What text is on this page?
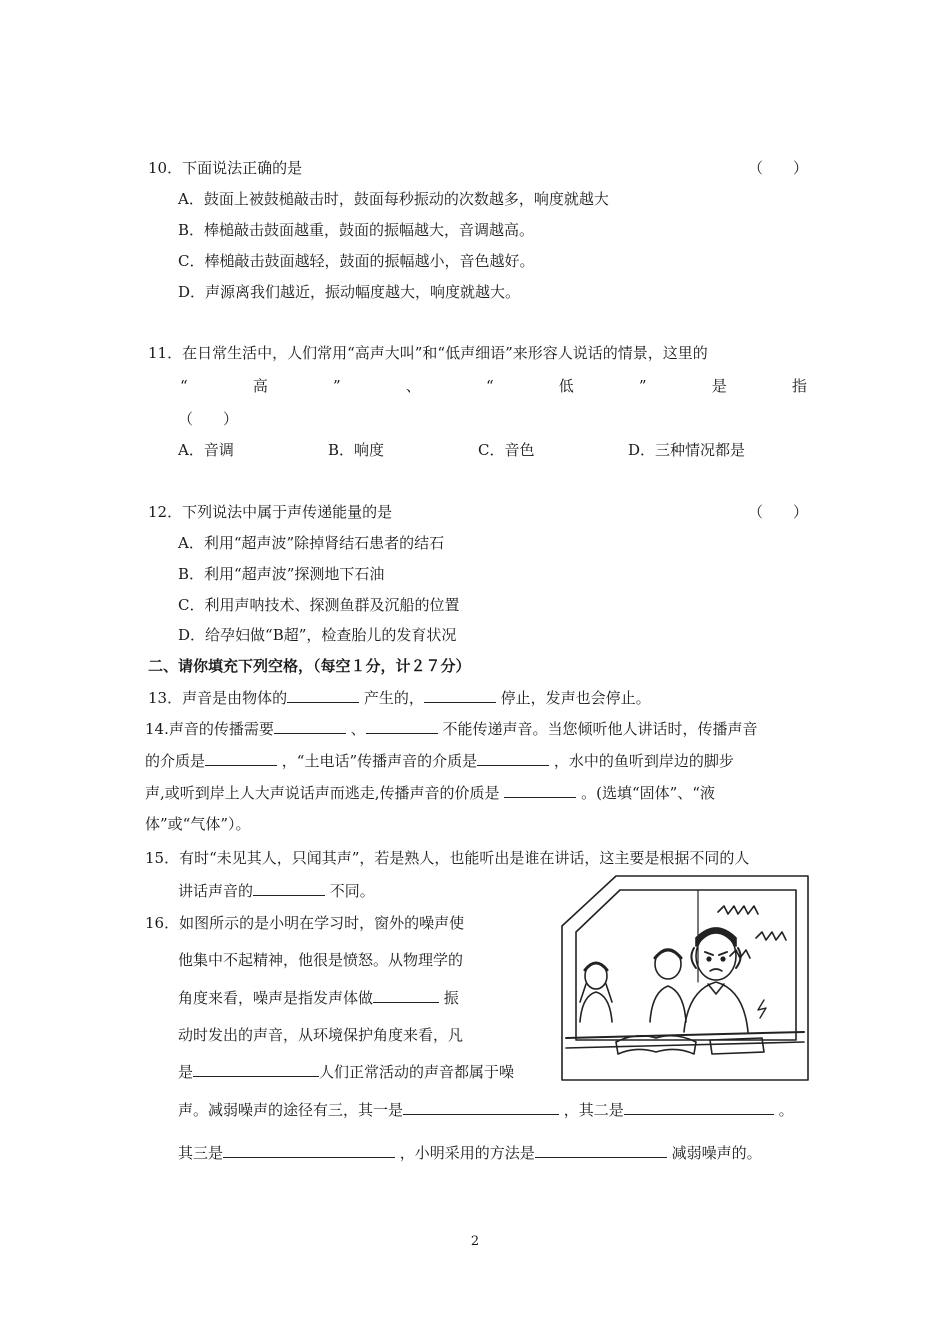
10．下面说法正确的是	（　　）
A．鼓面上被鼓槌敲击时，鼓面每秒振动的次数越多，响度就越大
B．棒槌敲击鼓面越重，鼓面的振幅越大，音调越高。
C．棒槌敲击鼓面越轻，鼓面的振幅越小，音色越好。
D．声源离我们越近，振动幅度越大，响度就越大。
11．在日常生活中，人们常用“高声大叫”和“低声细语”来形容人说话的情景，这里的
“	高	”	、	“	低	”	是	指
（　　）
A．音调	B．响度	C．音色	D．三种情况都是
12．下列说法中属于声传递能量的是	（　　）
A．利用“超声波”除掉肾结石患者的结石
B．利用“超声波”探测地下石油
C．利用声呐技术、探测鱼群及沉船的位置
D．给孕妇做“B超”，检查胎儿的发育状况
二、请你填充下列空格，（每空１分，计２７分）
13．声音是由物体的	产生的，	停止，发声也会停止。
14.声音的传播需要	、	不能传递声音。当您倾听他人讲话时，传播声音
的介质是	，“土电话”传播声音的介质是	，水中的鱼听到岸边的脚步
声,或听到岸上人大声说话声而逃走,传播声音的价质是	。(选填“固体”、“液
体”或“气体”）。
15．有时“未见其人，只闻其声”，若是熟人，也能听出是谁在讲话，这主要是根据不同的人
讲话声音的	不同。
16．如图所示的是小明在学习时，窗外的噪声使
他集中不起精神，他很是愤怒。从物理学的
角度来看，噪声是指发声体做	振
动时发出的声音，从环境保护角度来看，凡
是	人们正常活动的声音都属于噪
声。减弱噪声的途径有三，其一是	，其二是	。
其三是	，小明采用的方法是	减弱噪声的。
2
